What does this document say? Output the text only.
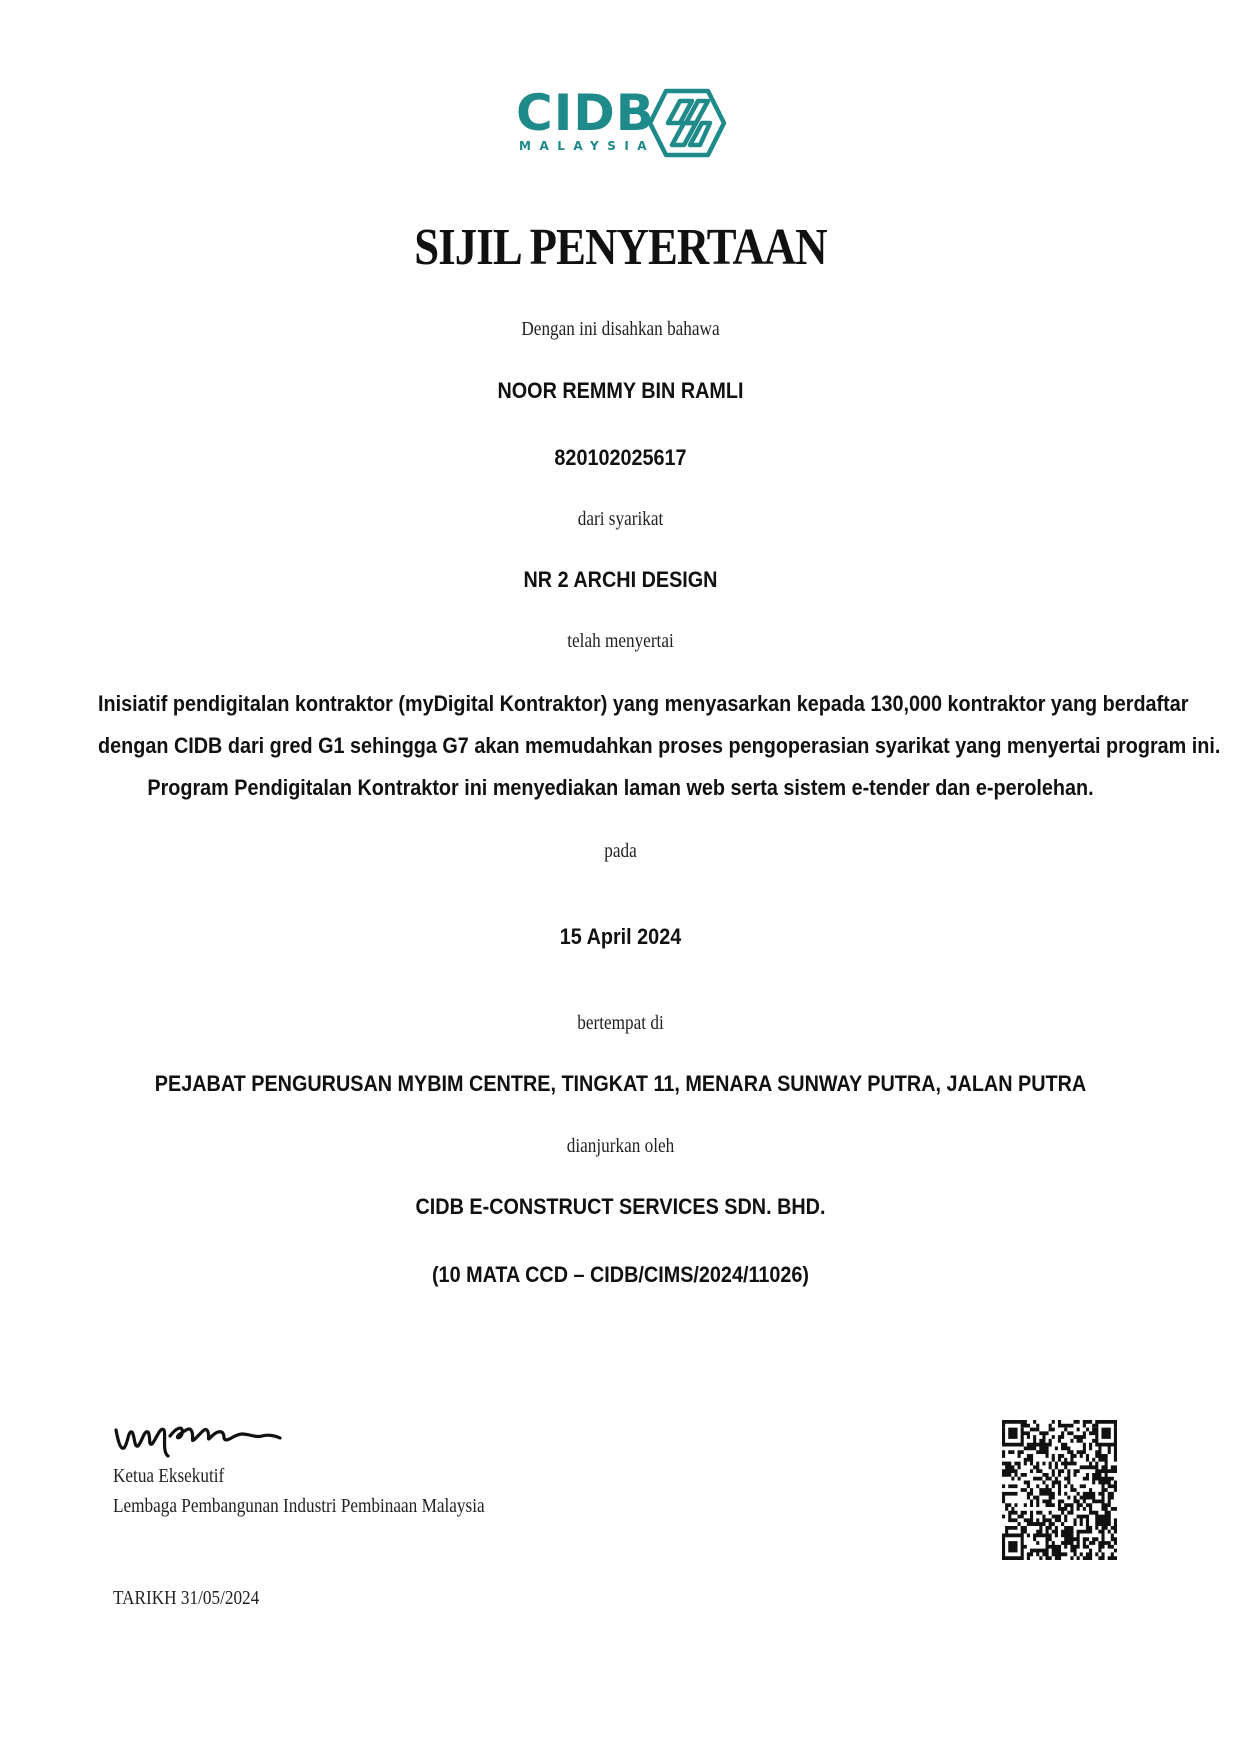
CIDB
MALAYSIA
SIJIL PENYERTAAN
Dengan ini disahkan bahawa
NOOR REMMY BIN RAMLI
820102025617
dari syarikat
NR 2 ARCHI DESIGN
telah menyertai
Inisiatif pendigitalan kontraktor (myDigital Kontraktor) yang menyasarkan kepada 130,000 kontraktor yang berdaftar
dengan CIDB dari gred G1 sehingga G7 akan memudahkan proses pengoperasian syarikat yang menyertai program ini.
Program Pendigitalan Kontraktor ini menyediakan laman web serta sistem e-tender dan e-perolehan.
pada
15 April 2024
bertempat di
PEJABAT PENGURUSAN MYBIM CENTRE, TINGKAT 11, MENARA SUNWAY PUTRA, JALAN PUTRA
dianjurkan oleh
CIDB E-CONSTRUCT SERVICES SDN. BHD.
(10 MATA CCD – CIDB/CIMS/2024/11026)
Ketua Eksekutif
Lembaga Pembangunan Industri Pembinaan Malaysia
TARIKH 31/05/2024
